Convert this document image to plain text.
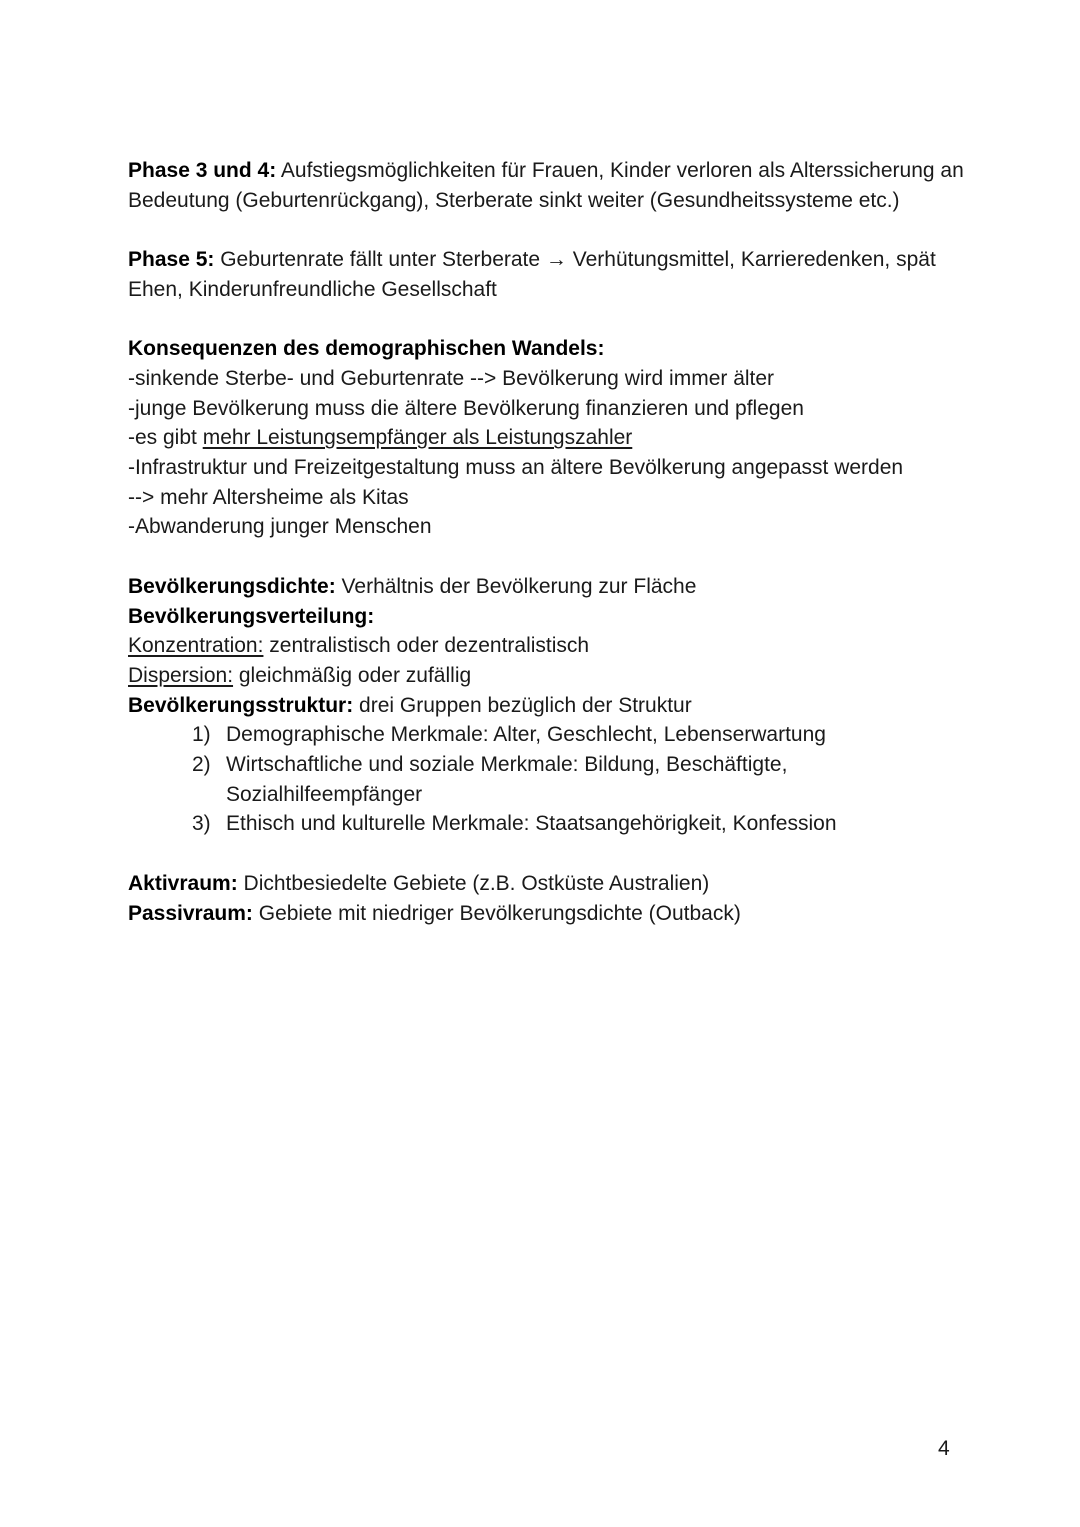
Phase 3 und 4: Aufstiegsmöglichkeiten für Frauen, Kinder verloren als Alterssicherung an Bedeutung (Geburtenrückgang), Sterberate sinkt weiter (Gesundheitssysteme etc.)

Phase 5: Geburtenrate fällt unter Sterberate → Verhütungsmittel, Karrieredenken, spät Ehen, Kinderunfreundliche Gesellschaft

Konsequenzen des demographischen Wandels:

-sinkende Sterbe- und Geburtenrate --> Bevölkerung wird immer älter

-junge Bevölkerung muss die ältere Bevölkerung finanzieren und pflegen

-es gibt mehr Leistungsempfänger als Leistungszahler

-Infrastruktur und Freizeitgestaltung muss an ältere Bevölkerung angepasst werden

--> mehr Altersheime als Kitas

-Abwanderung junger Menschen

Bevölkerungsdichte: Verhältnis der Bevölkerung zur Fläche

Bevölkerungsverteilung:

Konzentration: zentralistisch oder dezentralistisch

Dispersion: gleichmäßig oder zufällig

Bevölkerungsstruktur: drei Gruppen bezüglich der Struktur

1) Demographische Merkmale: Alter, Geschlecht, Lebenserwartung
2) Wirtschaftliche und soziale Merkmale: Bildung, Beschäftigte, Sozialhilfeempfänger
3) Ethisch und kulturelle Merkmale: Staatsangehörigkeit, Konfession

Aktivraum: Dichtbesiedelte Gebiete (z.B. Ostküste Australien)

Passivraum: Gebiete mit niedriger Bevölkerungsdichte (Outback)

4
